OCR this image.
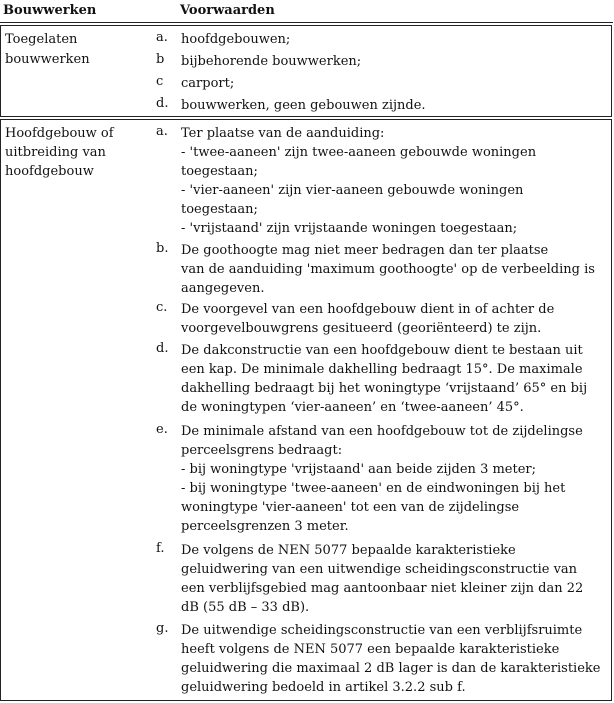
Bouwwerken	Voorwaarden
Toegelaten
bouwwerken
a. hoofdgebouwen;
b bijbehorende bouwwerken;
c carport;
d. bouwwerken, geen gebouwen zijnde.
Hoofdgebouw of
uitbreiding van
hoofdgebouw
a. Ter plaatse van de aanduiding:
- 'twee-aaneen' zijn twee-aaneen gebouwde woningen
toegestaan;
- 'vier-aaneen' zijn vier-aaneen gebouwde woningen
toegestaan;
- 'vrijstaand' zijn vrijstaande woningen toegestaan;
b. De goothoogte mag niet meer bedragen dan ter plaatse
van de aanduiding 'maximum goothoogte' op de verbeelding is
aangegeven.
c. De voorgevel van een hoofdgebouw dient in of achter de
voorgevelbouwgrens gesitueerd (georiënteerd) te zijn.
d. De dakconstructie van een hoofdgebouw dient te bestaan uit
een kap. De minimale dakhelling bedraagt 15°. De maximale
dakhelling bedraagt bij het woningtype ‘vrijstaand’ 65° en bij
de woningtypen ‘vier-aaneen’ en ‘twee-aaneen’ 45°.
e. De minimale afstand van een hoofdgebouw tot de zijdelingse
perceelsgrens bedraagt:
- bij woningtype 'vrijstaand' aan beide zijden 3 meter;
- bij woningtype 'twee-aaneen' en de eindwoningen bij het
woningtype 'vier-aaneen' tot een van de zijdelingse
perceelsgrenzen 3 meter.
f. De volgens de NEN 5077 bepaalde karakteristieke
geluidwering van een uitwendige scheidingsconstructie van
een verblijfsgebied mag aantoonbaar niet kleiner zijn dan 22
dB (55 dB – 33 dB).
g. De uitwendige scheidingsconstructie van een verblijfsruimte
heeft volgens de NEN 5077 een bepaalde karakteristieke
geluidwering die maximaal 2 dB lager is dan de karakteristieke
geluidwering bedoeld in artikel 3.2.2 sub f.
